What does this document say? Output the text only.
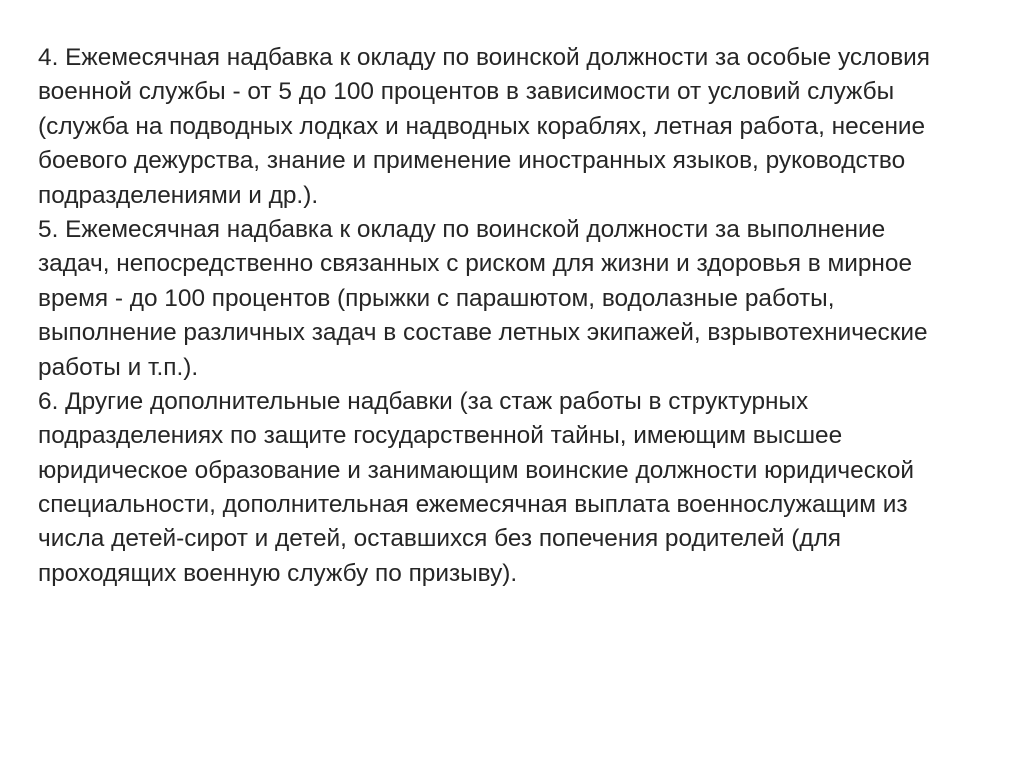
4. Ежемесячная надбавка к окладу по воинской должности за особые условия
военной службы - от 5 до 100 процентов в зависимости от условий службы
(служба на подводных лодках и надводных кораблях, летная работа, несение
боевого дежурства, знание и применение иностранных языков, руководство
подразделениями и др.).
5. Ежемесячная надбавка к окладу по воинской должности за выполнение
задач, непосредственно связанных с риском для жизни и здоровья в мирное
время - до 100 процентов (прыжки с парашютом, водолазные работы,
выполнение различных задач в составе летных экипажей, взрывотехнические
работы и т.п.).
6. Другие дополнительные надбавки (за стаж работы в структурных
подразделениях по защите государственной тайны, имеющим высшее
юридическое образование и занимающим воинские должности юридической
специальности, дополнительная ежемесячная выплата военнослужащим из
числа детей-сирот и детей, оставшихся без попечения родителей (для
проходящих военную службу по призыву).
